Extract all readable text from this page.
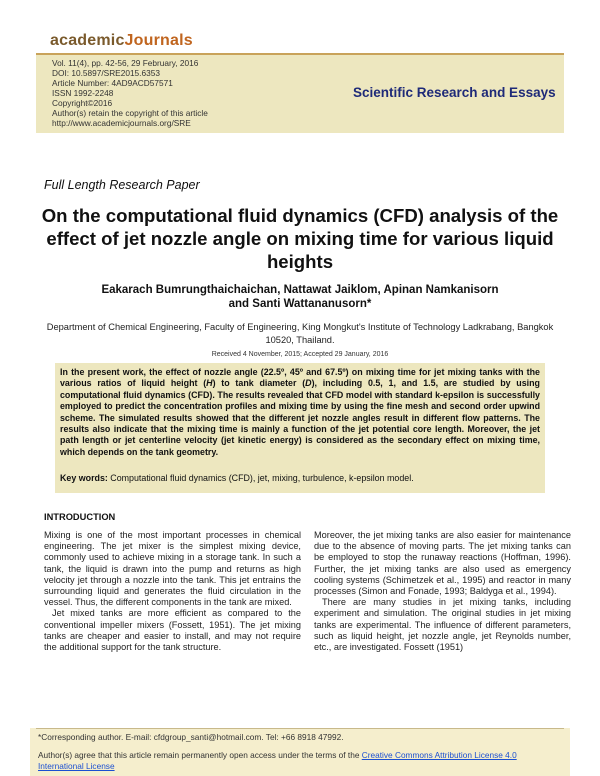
academicJournals
Vol. 11(4), pp. 42-56, 29 February, 2016
DOI: 10.5897/SRE2015.6353
Article Number: 4AD9ACD57571
ISSN 1992-2248
Copyright©2016
Author(s) retain the copyright of this article
http://www.academicjournals.org/SRE
Scientific Research and Essays
Full Length Research Paper
On the computational fluid dynamics (CFD) analysis of the effect of jet nozzle angle on mixing time for various liquid heights
Eakarach Bumrungthaichaichan, Nattawat Jaiklom, Apinan Namkanisorn
and Santi Wattananusorn*
Department of Chemical Engineering, Faculty of Engineering, King Mongkut's Institute of Technology Ladkrabang, Bangkok 10520, Thailand.
Received 4 November, 2015; Accepted 29 January, 2016
In the present work, the effect of nozzle angle (22.5º, 45º and 67.5º) on mixing time for jet mixing tanks with the various ratios of liquid height (H) to tank diameter (D), including 0.5, 1, and 1.5, are studied by using computational fluid dynamics (CFD). The results revealed that CFD model with standard k-epsilon is successfully employed to predict the concentration profiles and mixing time by using the fine mesh and second order upwind scheme. The simulated results showed that the different jet nozzle angles result in different flow patterns. The results also indicate that the mixing time is mainly a function of the jet potential core length. Moreover, the jet path length or jet centerline velocity (jet kinetic energy) is considered as the secondary effect on mixing time, which depends on the tank geometry.
Key words: Computational fluid dynamics (CFD), jet, mixing, turbulence, k-epsilon model.
INTRODUCTION

Mixing is one of the most important processes in chemical engineering. The jet mixer is the simplest mixing device, commonly used to achieve mixing in a storage tank. In such a tank, the liquid is drawn into the pump and returns as high velocity jet through a nozzle into the tank. This jet entrains the surrounding liquid and generates the fluid circulation in the vessel. Thus, the different components in the tank are mixed.

Jet mixed tanks are more efficient as compared to the conventional impeller mixers (Fossett, 1951). The jet mixing tanks are cheaper and easier to install, and may not require the additional support for the tank structure.

Moreover, the jet mixing tanks are also easier for maintenance due to the absence of moving parts. The jet mixing tanks can be employed to stop the runaway reactions (Hoffman, 1996). Further, the jet mixing tanks are also used as emergency cooling systems (Schimetzek et al., 1995) and reactor in many processes (Simon and Fonade, 1993; Baldyga et al., 1994).

There are many studies in jet mixing tanks, including experiment and simulation. The original studies in jet mixing tanks are experimental. The influence of different parameters, such as liquid height, jet nozzle angle, jet Reynolds number, etc., are investigated. Fossett (1951)

*Corresponding author. E-mail: cfdgroup_santi@hotmail.com. Tel: +66 8918 47992.
Author(s) agree that this article remain permanently open access under the terms of the Creative Commons Attribution License 4.0 International License
